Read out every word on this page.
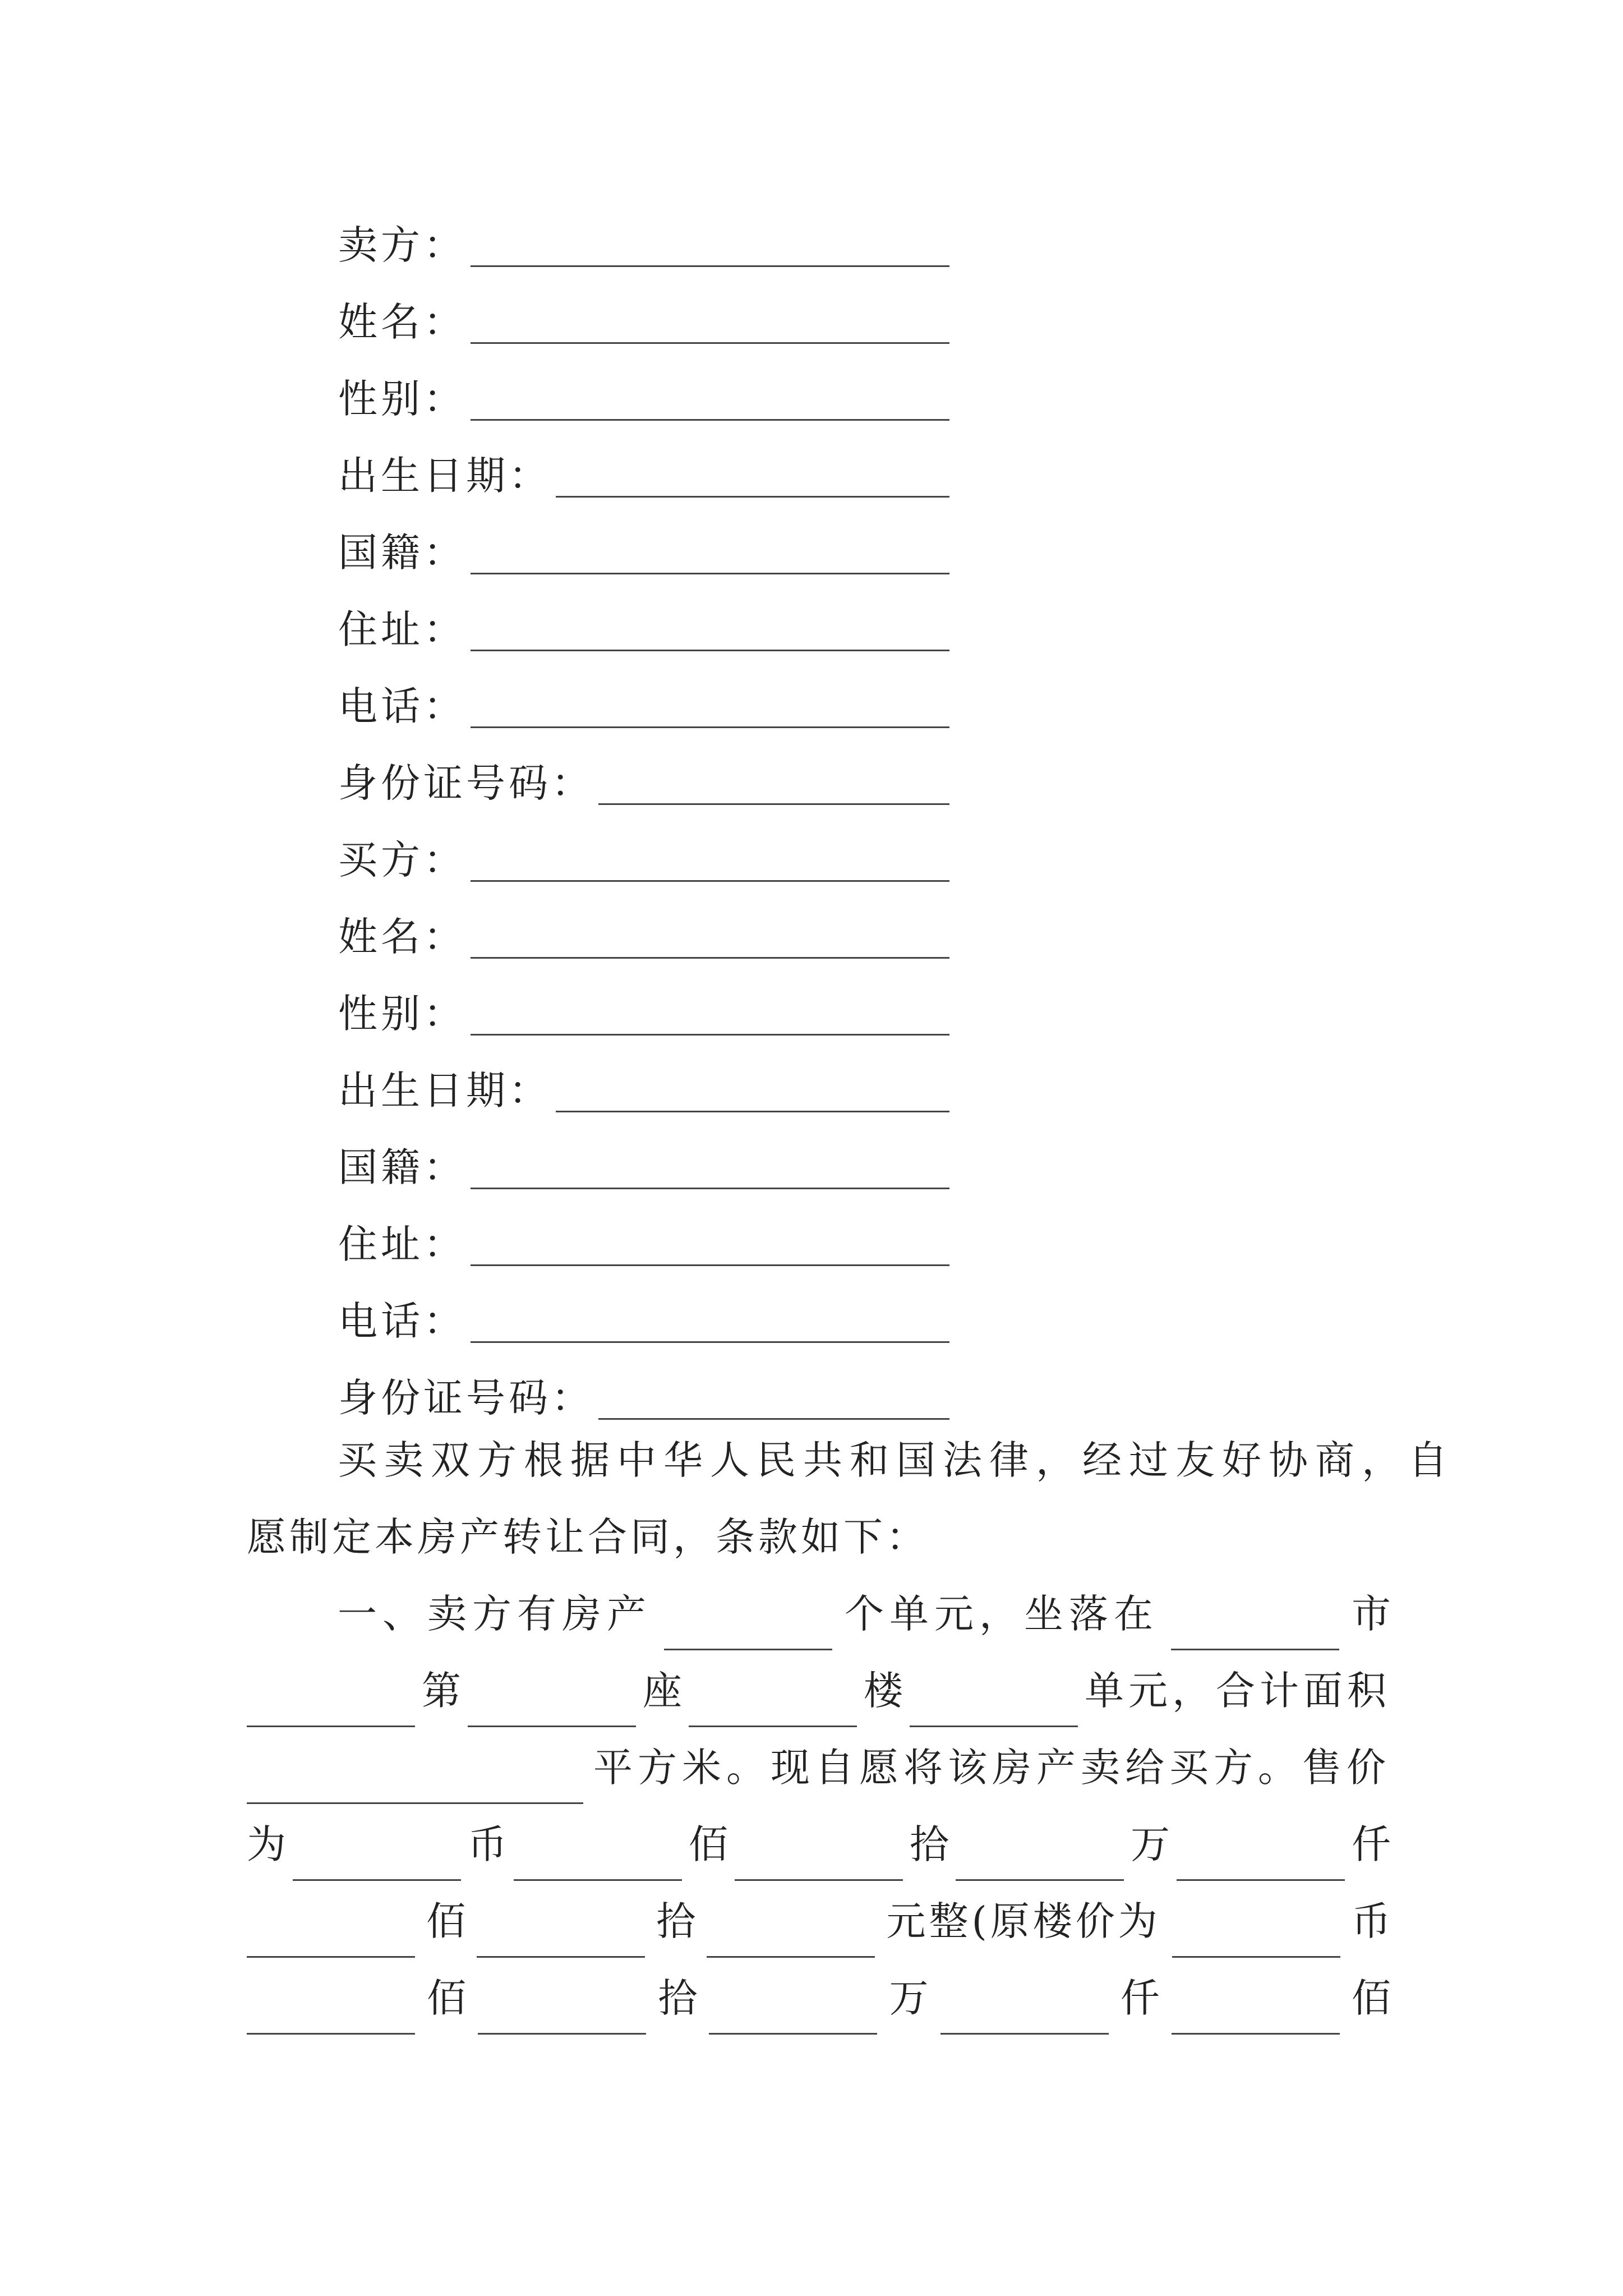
卖方：
姓名：
性别：
出生日期：
国籍：
住址：
电话：
身份证号码：
买方：
姓名：
性别：
出生日期：
国籍：
住址：
电话：
身份证号码：
买卖双方根据中华人民共和国法律，经过友好协商，自
愿制定本房产转让合同，条款如下：
一、卖方有房产	个单元，坐落在	市
第	座	楼	单元，合计面积
平方米。现自愿将该房产卖给买方。售价
为	币	佰	拾	万	仟
佰	拾	元整(原楼价为	币
佰	拾	万	仟	佰
